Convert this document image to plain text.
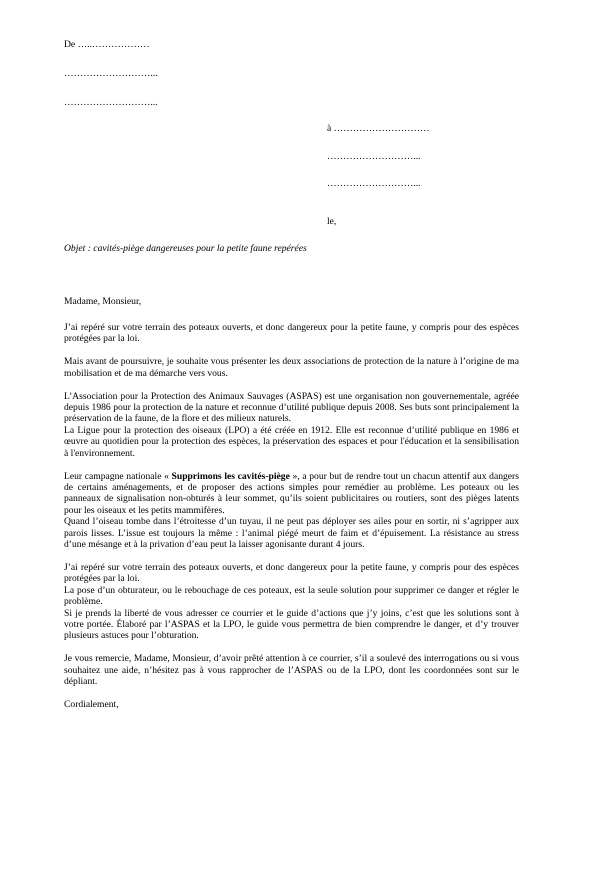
De …..………………
………………………...
………………………...
à …………………………
………………………...
………………………...
le,
Objet : cavités-piège dangereuses pour la petite faune repérées
Madame, Monsieur,

J’ai repéré sur votre terrain des poteaux ouverts, et donc dangereux pour la petite faune, y compris pour des espèces protégées par la loi.

Mais avant de poursuivre, je souhaite vous présenter les deux associations de protection de la nature à l’origine de ma mobilisation et de ma démarche vers vous.

L’Association pour la Protection des Animaux Sauvages (ASPAS) est une organisation non gouvernementale, agréée depuis 1986 pour la protection de la nature et reconnue d’utilité publique depuis 2008. Ses buts sont principalement la préservation de la faune, de la flore et des milieux naturels.

La Ligue pour la protection des oiseaux (LPO) a été créée en 1912. Elle est reconnue d’utilité publique en 1986 et œuvre au quotidien pour la protection des espèces, la préservation des espaces et pour l'éducation et la sensibilisation à l'environnement.

Leur campagne nationale « Supprimons les cavités-piège », a pour but de rendre tout un chacun attentif aux dangers de certains aménagements, et de proposer des actions simples pour remédier au problème. Les poteaux ou les panneaux de signalisation non-obturés à leur sommet, qu’ils soient publicitaires ou routiers, sont des pièges latents pour les oiseaux et les petits mammifères.

Quand l’oiseau tombe dans l’étroitesse d’un tuyau, il ne peut pas déployer ses ailes pour en sortir, ni s’agripper aux parois lisses. L’issue est toujours la même : l’animal piégé meurt de faim et d’épuisement. La résistance au stress d’une mésange et à la privation d’eau peut la laisser agonisante durant 4 jours.

J’ai repéré sur votre terrain des poteaux ouverts, et donc dangereux pour la petite faune, y compris pour des espèces protégées par la loi.

La pose d’un obturateur, ou le rebouchage de ces poteaux, est la seule solution pour supprimer ce danger et régler le problème.

Si je prends la liberté de vous adresser ce courrier et le guide d’actions que j’y joins, c’est que les solutions sont à votre portée. Élaboré par l’ASPAS et la LPO, le guide vous permettra de bien comprendre le danger, et d’y trouver plusieurs astuces pour l’obturation.

Je vous remercie, Madame, Monsieur, d’avoir prêté attention à ce courrier, s’il a soulevé des interrogations ou si vous souhaitez une aide, n’hésitez pas à vous rapprocher de l’ASPAS ou de la LPO, dont les coordonnées sont sur le dépliant.

Cordialement,
